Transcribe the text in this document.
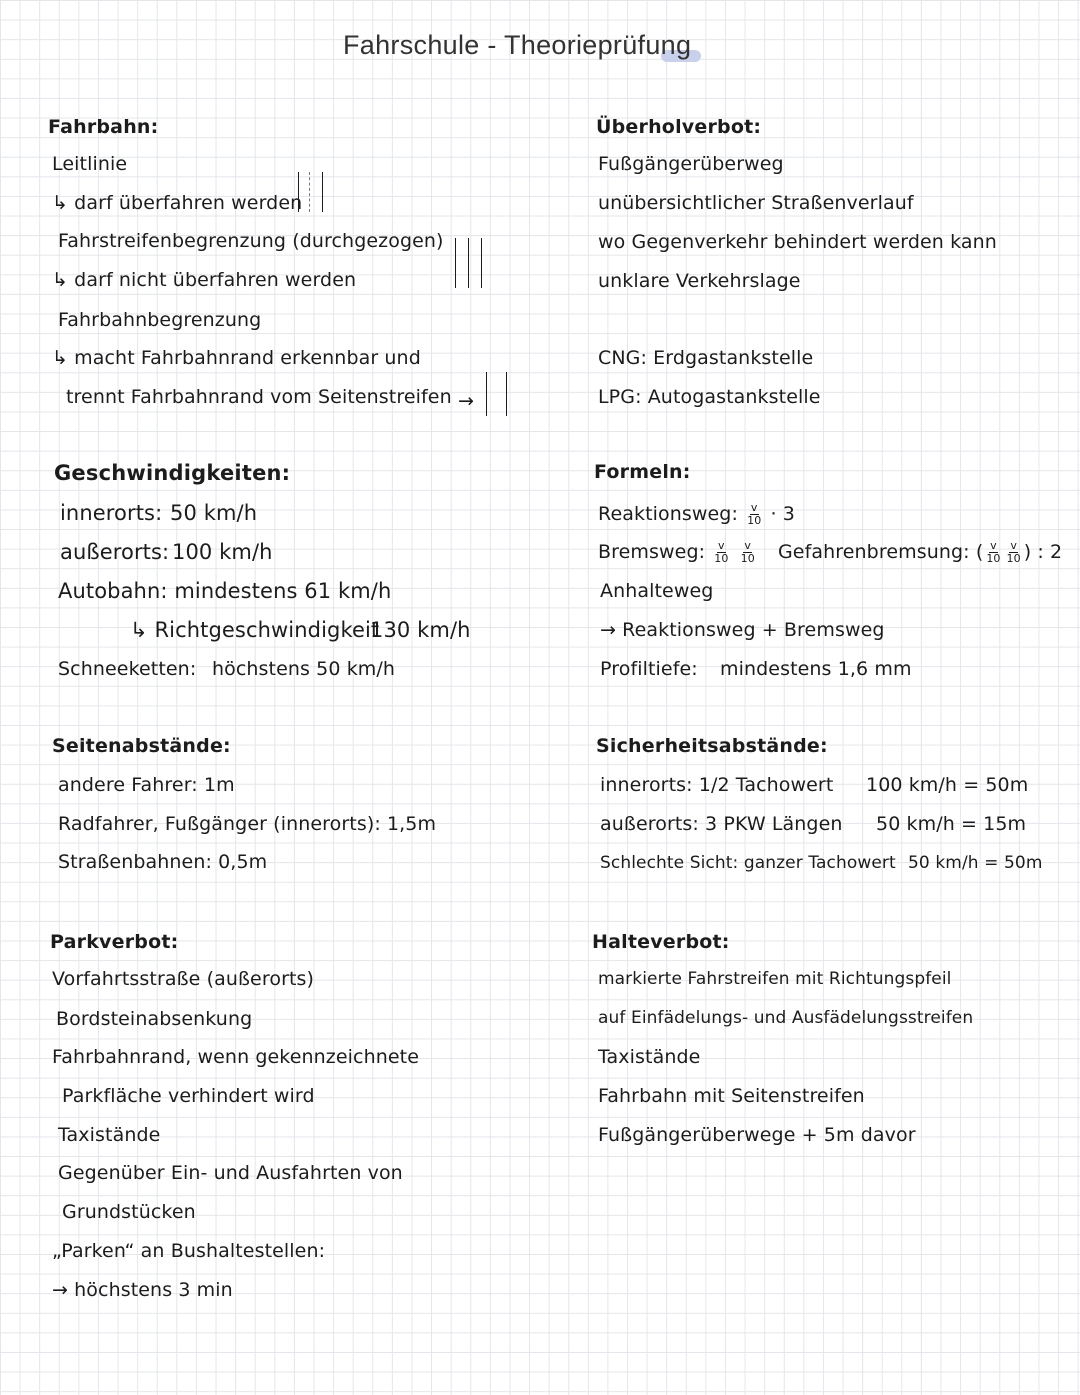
Fahrschule - Theorieprüfung
Fahrbahn:
Leitlinie
↳ darf überfahren werden
Fahrstreifenbegrenzung (durchgezogen)
↳ darf nicht überfahren werden
Fahrbahnbegrenzung
↳ macht Fahrbahnrand erkennbar und
trennt Fahrbahnrand vom Seitenstreifen →
Geschwindigkeiten:
innerorts: 50 km/h
außerorts: 100 km/h
Autobahn: mindestens 61 km/h
↳ Richtgeschwindigkeit
130 km/h
Schneeketten: höchstens 50 km/h
Seitenabstände:
andere Fahrer: 1m
Radfahrer, Fußgänger (innerorts): 1,5m
Straßenbahnen: 0,5m
Parkverbot:
Vorfahrtsstraße (außerorts)
Bordsteinabsenkung
Fahrbahnrand, wenn gekennzeichnete
Parkfläche verhindert wird
Taxistände
Gegenüber Ein- und Ausfahrten von
Grundstücken
„Parken“ an Bushaltestellen:
→ höchstens 3 min
Überholverbot:
Fußgängerüberweg
unübersichtlicher Straßenverlauf
wo Gegenverkehr behindert werden kann
unklare Verkehrslage
CNG: Erdgastankstelle
LPG: Autogastankstelle
Formeln:
Reaktionsweg: $\frac{v}{10} \cdot 3$
Bremsweg: $\frac{v}{10}$
$\frac{v}{10}$ Gefahrenbremsung: ( $\frac{v}{10} \frac{v}{10}$ ) : 2
Anhalteweg
→ Reaktionsweg + Bremsweg
Profiltiefe: mindestens 1,6 mm
Sicherheitsabstände:
innerorts: 1/2 Tachowert 100 km/h = 50m
außerorts: 3 PKW Längen 50 km/h = 15m
Schlechte Sicht: ganzer Tachowert 50 km/h = 50m
Halteverbot:
markierte Fahrstreifen mit Richtungspfeil
auf Einfädelungs- und Ausfädelungsstreifen
Taxistände
Fahrbahn mit Seitenstreifen
Fußgängerüberwege + 5m davor
